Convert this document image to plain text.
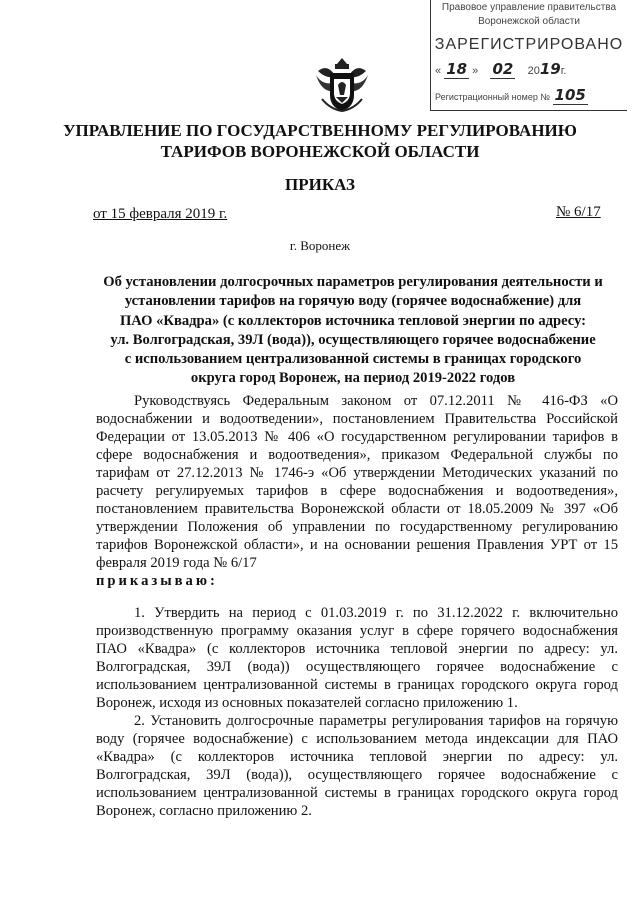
Правовое управление правительства
Воронежской области
ЗАРЕГИСТРИРОВАНО
« 18 » 02 2019г.
Регистрационный номер № 105
УПРАВЛЕНИЕ ПО ГОСУДАРСТВЕННОМУ РЕГУЛИРОВАНИЮ
ТАРИФОВ ВОРОНЕЖСКОЙ ОБЛАСТИ
ПРИКАЗ
от 15 февраля 2019 г.	№ 6/17
г. Воронеж
Об установлении долгосрочных параметров регулирования деятельности и
установлении тарифов на горячую воду (горячее водоснабжение) для
ПАО «Квадра» (с коллекторов источника тепловой энергии по адресу:
ул. Волгоградская, 39Л (вода)), осуществляющего горячее водоснабжение
с использованием централизованной системы в границах городского
округа город Воронеж, на период 2019-2022 годов

Руководствуясь Федеральным законом от 07.12.2011 № 416-ФЗ «О водоснабжении и водоотведении», постановлением Правительства Российской Федерации от 13.05.2013 № 406 «О государственном регулировании тарифов в сфере водоснабжения и водоотведения», приказом Федеральной службы по тарифам от 27.12.2013 № 1746-э «Об утверждении Методических указаний по расчету регулируемых тарифов в сфере водоснабжения и водоотведения», постановлением правительства Воронежской области от 18.05.2009 № 397 «Об утверждении Положения об управлении по государственному регулированию тарифов Воронежской области», и на основании решения Правления УРТ от 15 февраля 2019 года № 6/17

приказываю:

1. Утвердить на период с 01.03.2019 г. по 31.12.2022 г. включительно производственную программу оказания услуг в сфере горячего водоснабжения ПАО «Квадра» (с коллекторов источника тепловой энергии по адресу: ул. Волгоградская, 39Л (вода)) осуществляющего горячее водоснабжение с использованием централизованной системы в границах городского округа город Воронеж, исходя из основных показателей согласно приложению 1.

2. Установить долгосрочные параметры регулирования тарифов на горячую воду (горячее водоснабжение) с использованием метода индексации для ПАО «Квадра» (с коллекторов источника тепловой энергии по адресу: ул. Волгоградская, 39Л (вода)), осуществляющего горячее водоснабжение с использованием централизованной системы в границах городского округа город Воронеж, согласно приложению 2.
